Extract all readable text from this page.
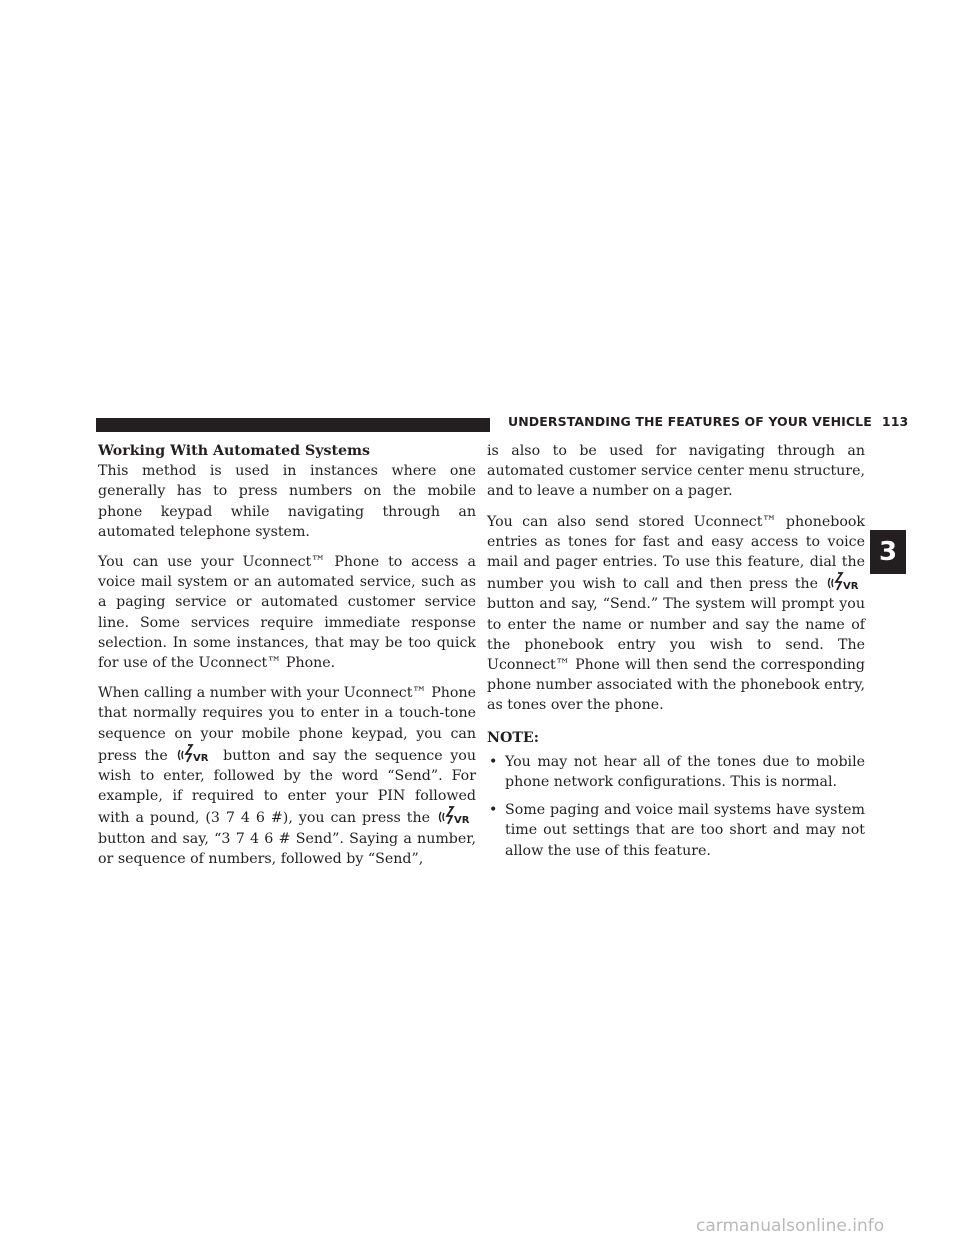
UNDERSTANDING THE FEATURES OF YOUR VEHICLE 113
Working With Automated Systems

This method is used in instances where one generally has to press numbers on the mobile phone keypad while navigating through an automated telephone system.

You can use your Uconnect™ Phone to access a voice mail system or an automated service, such as a paging service or automated customer service line. Some services require immediate response selection. In some instances, that may be too quick for use of the Uconnect™ Phone.

When calling a number with your Uconnect™ Phone that normally requires you to enter in a touch-tone sequence on your mobile phone keypad, you can press the	VR button and say the sequence you wish to enter, followed by the word “Send”. For example, if required to enter your PIN followed with a pound, (3 7 4 6 #), you can press the VR
button and say, “3 7 4 6 # Send”. Saying a number, or sequence of numbers, followed by “Send”,

is also to be used for navigating through an automated customer service center menu structure, and to leave a number on a pager.

You can also send stored Uconnect™ phonebook entries as tones for fast and easy access to voice mail and pager entries. To use this feature, dial the number you wish to call and then press the VR
button and say, “Send.” The system will prompt you to enter the name or number and say the name of the phonebook entry you wish to send. The Uconnect™ Phone will then send the corresponding phone number associated with the phonebook entry, as tones over the phone.

NOTE:
• You may not hear all of the tones due to mobile phone network configurations. This is normal.
• Some paging and voice mail systems have system time out settings that are too short and may not allow the use of this feature.
3
carmanualsonline.info
